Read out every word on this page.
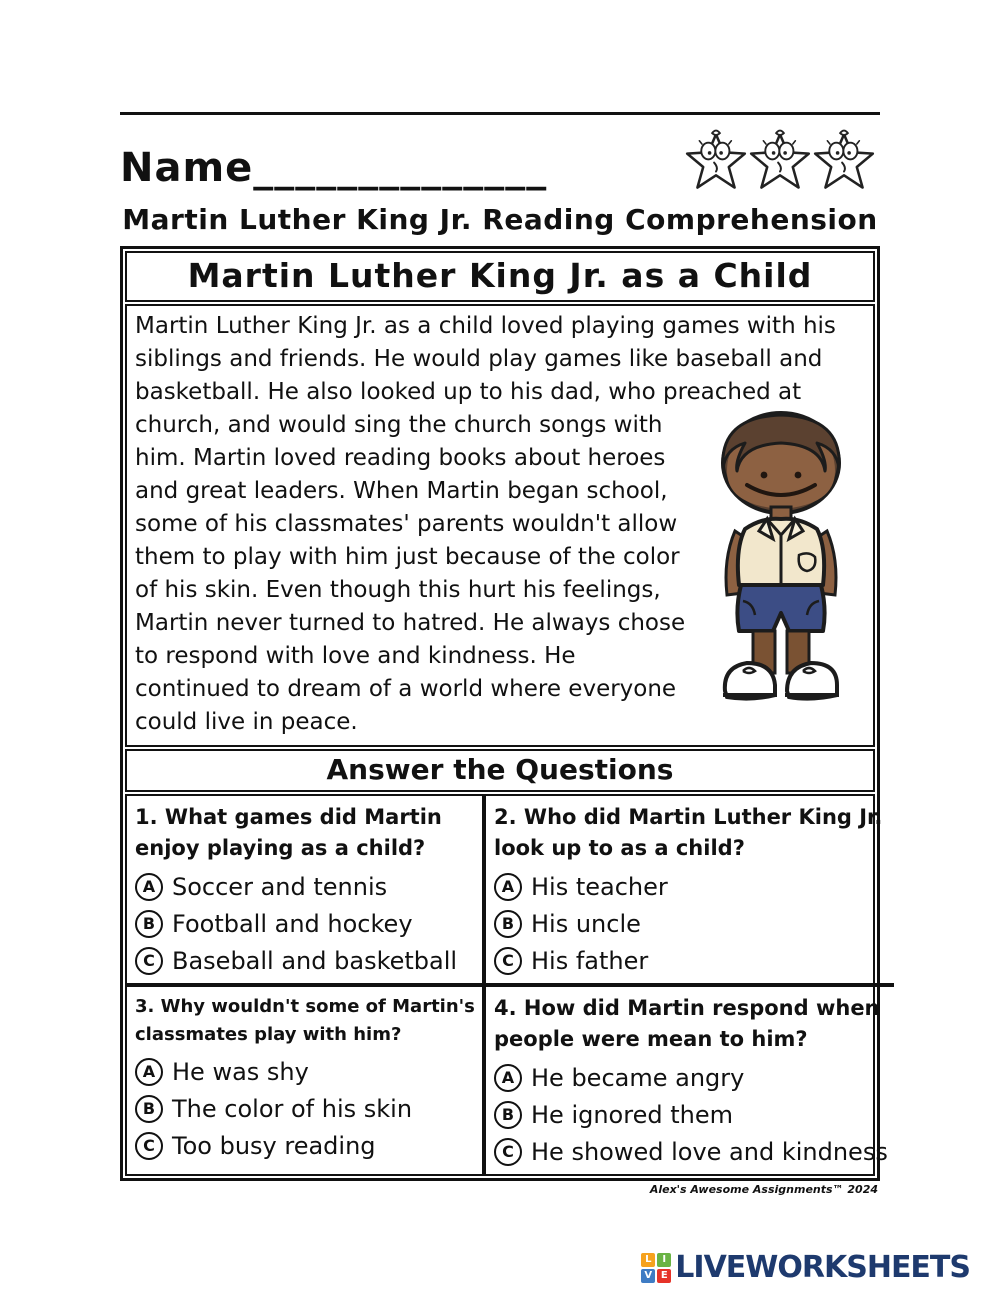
Name______________
Martin Luther King Jr. Reading Comprehension
Martin Luther King Jr. as a Child
Martin Luther King Jr. as a child loved playing games with his siblings and friends. He would play games like baseball and basketball. He also looked up to his dad, who preached at church, and would sing the church songs with him. Martin loved reading books about heroes and great leaders. When Martin began school, some of his classmates' parents wouldn't allow them to play with him just because of the color of his skin. Even though this hurt his feelings, Martin never turned to hatred. He always chose to respond with love and kindness. He continued to dream of a world where everyone could live in peace.
Answer the Questions
1. What games did Martin enjoy playing as a child?
A Soccer and tennis
B Football and hockey
C Baseball and basketball
2. Who did Martin Luther King Jr. look up to as a child?
A His teacher
B His uncle
C His father
3. Why wouldn't some of Martin's classmates play with him?
A He was shy
B The color of his skin
C Too busy reading
4. How did Martin respond when people were mean to him?
A He became angry
B He ignored them
C He showed love and kindness
Alex's Awesome Assignments™ 2024
L	I
V E LIVEWORKSHEETS
